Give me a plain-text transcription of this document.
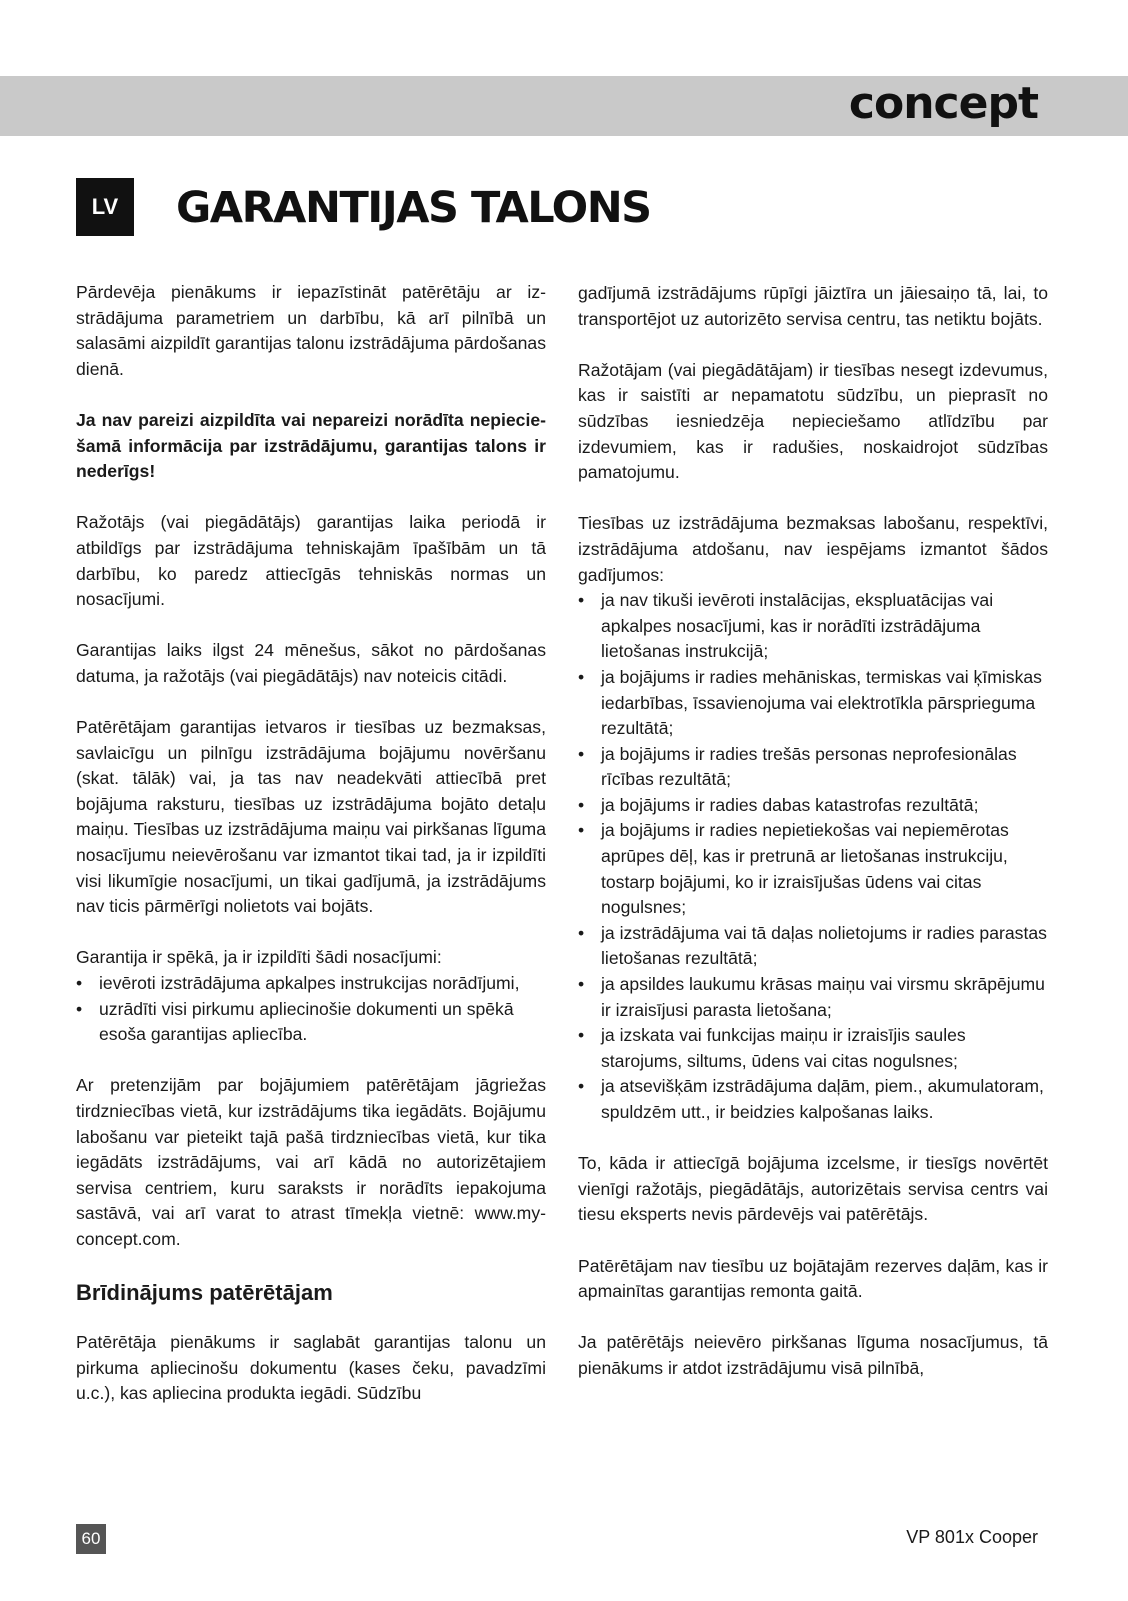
concept
LV	GARANTIJAS TALONS

Pārdevēja pienākums ir iepazīstināt patērētāju ar izstrādājuma parametriem un darbību, kā arī pilnībā un salasāmi aizpildīt garantijas talonu izstrādājuma pārdošanas dienā.

Ja nav pareizi aizpildīta vai nepareizi norādīta nepieciešamā informācija par izstrādājumu, garantijas talons ir nederīgs!

Ražotājs (vai piegādātājs) garantijas laika periodā ir atbildīgs par izstrādājuma tehniskajām īpašībām un tā darbību, ko paredz attiecīgās tehniskās normas un nosacījumi.

Garantijas laiks ilgst 24 mēnešus, sākot no pārdošanas datuma, ja ražotājs (vai piegādātājs) nav noteicis citādi.

Patērētājam garantijas ietvaros ir tiesības uz bezmaksas, savlaicīgu un pilnīgu izstrādājuma bojājumu novēršanu (skat. tālāk) vai, ja tas nav neadekvāti attiecībā pret bojājuma raksturu, tiesības uz izstrādājuma bojāto detaļu maiņu. Tiesības uz izstrādājuma maiņu vai pirkšanas līguma nosacījumu neievērošanu var izmantot tikai tad, ja ir izpildīti visi likumīgie nosacījumi, un tikai gadījumā, ja izstrādājums nav ticis pārmērīgi nolietots vai bojāts.

Garantija ir spēkā, ja ir izpildīti šādi nosacījumi:

• ievēroti izstrādājuma apkalpes instrukcijas norādījumi,
• uzrādīti visi pirkumu apliecinošie dokumenti un spēkā esoša garantijas apliecība.

Ar pretenzijām par bojājumiem patērētājam jāgriežas tirdzniecības vietā, kur izstrādājums tika iegādāts. Bojājumu labošanu var pieteikt tajā pašā tirdzniecības vietā, kur tika iegādāts izstrādājums, vai arī kādā no autorizētajiem servisa centriem, kuru saraksts ir norādīts iepakojuma sastāvā, vai arī varat to atrast tīmekļa vietnē: www.my-concept.com.

Brīdinājums patērētājam

Patērētāja pienākums ir saglabāt garantijas talonu un pirkuma apliecinošu dokumentu (kases čeku, pavadzīmi u.c.), kas apliecina produkta iegādi. Sūdzību

gadījumā izstrādājums rūpīgi jāiztīra un jāiesaiņo tā, lai, to transportējot uz autorizēto servisa centru, tas netiktu bojāts.

Ražotājam (vai piegādātājam) ir tiesības nesegt izdevumus, kas ir saistīti ar nepamatotu sūdzību, un pieprasīt no sūdzības iesniedzēja nepieciešamo atlīdzību par izdevumiem, kas ir radušies, noskaidrojot sūdzības pamatojumu.

Tiesības uz izstrādājuma bezmaksas labošanu, respektīvi, izstrādājuma atdošanu, nav iespējams izmantot šādos gadījumos:

• ja nav tikuši ievēroti instalācijas, ekspluatācijas vai apkalpes nosacījumi, kas ir norādīti izstrādājuma lietošanas instrukcijā;
• ja bojājums ir radies mehāniskas, termiskas vai ķīmiskas iedarbības, īssavienojuma vai elektrotīkla pārsprieguma rezultātā;
• ja bojājums ir radies trešās personas neprofesionālas rīcības rezultātā;
• ja bojājums ir radies dabas katastrofas rezultātā;
• ja bojājums ir radies nepietiekošas vai nepiemērotas aprūpes dēļ, kas ir pretrunā ar lietošanas instrukciju, tostarp bojājumi, ko ir izraisījušas ūdens vai citas nogulsnes;
• ja izstrādājuma vai tā daļas nolietojums ir radies parastas lietošanas rezultātā;
• ja apsildes laukumu krāsas maiņu vai virsmu skrāpējumu ir izraisījusi parasta lietošana;
• ja izskata vai funkcijas maiņu ir izraisījis saules starojums, siltums, ūdens vai citas nogulsnes;
• ja atsevišķām izstrādājuma daļām, piem., akumulatoram, spuldzēm utt., ir beidzies kalpošanas laiks.

To, kāda ir attiecīgā bojājuma izcelsme, ir tiesīgs novērtēt vienīgi ražotājs, piegādātājs, autorizētais servisa centrs vai tiesu eksperts nevis pārdevējs vai patērētājs.

Patērētājam nav tiesību uz bojātajām rezerves daļām, kas ir apmainītas garantijas remonta gaitā.

Ja patērētājs neievēro pirkšanas līguma nosacījumus, tā pienākums ir atdot izstrādājumu visā pilnībā,

60	VP 801x Cooper
